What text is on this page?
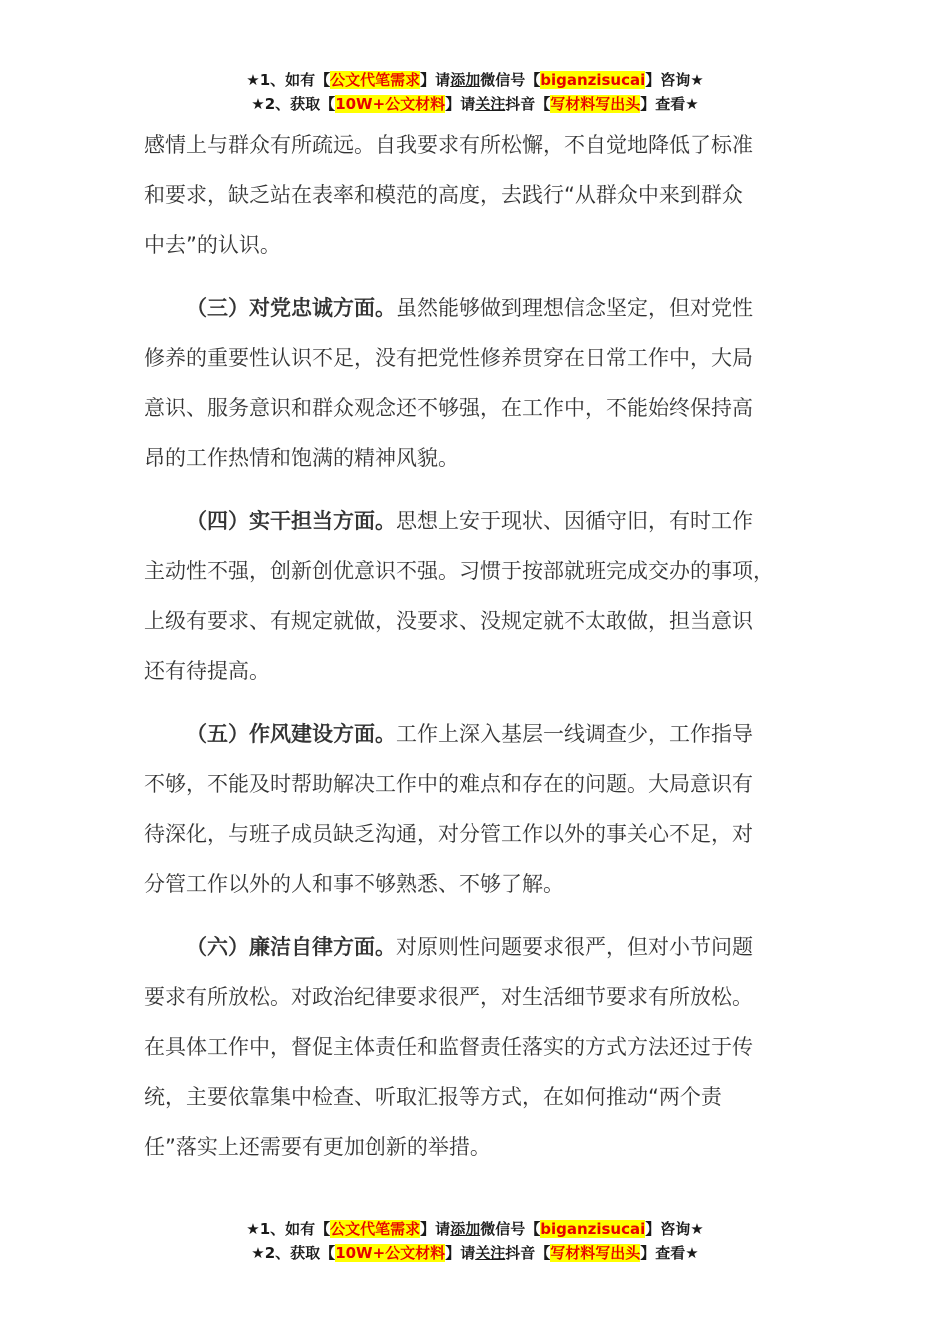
★1、如有【公文代笔需求】请添加微信号【biganzisucai】咨询★
★2、获取【10W+公文材料】请关注抖音【写材料写出头】查看★

感情上与群众有所疏远。自我要求有所松懈，不自觉地降低了标准
和要求，缺乏站在表率和模范的高度，去践行“从群众中来到群众
中去”的认识。

（三）对党忠诚方面。虽然能够做到理想信念坚定，但对党性
修养的重要性认识不足，没有把党性修养贯穿在日常工作中，大局
意识、服务意识和群众观念还不够强，在工作中，不能始终保持高
昂的工作热情和饱满的精神风貌。

（四）实干担当方面。思想上安于现状、因循守旧，有时工作
主动性不强，创新创优意识不强。习惯于按部就班完成交办的事项，
上级有要求、有规定就做，没要求、没规定就不太敢做，担当意识
还有待提高。

（五）作风建设方面。工作上深入基层一线调查少，工作指导
不够，不能及时帮助解决工作中的难点和存在的问题。大局意识有
待深化，与班子成员缺乏沟通，对分管工作以外的事关心不足，对
分管工作以外的人和事不够熟悉、不够了解。

（六）廉洁自律方面。对原则性问题要求很严，但对小节问题
要求有所放松。对政治纪律要求很严，对生活细节要求有所放松。
在具体工作中，督促主体责任和监督责任落实的方式方法还过于传
统，主要依靠集中检查、听取汇报等方式，在如何推动“两个责
任”落实上还需要有更加创新的举措。

★1、如有【公文代笔需求】请添加微信号【biganzisucai】咨询★
★2、获取【10W+公文材料】请关注抖音【写材料写出头】查看★
